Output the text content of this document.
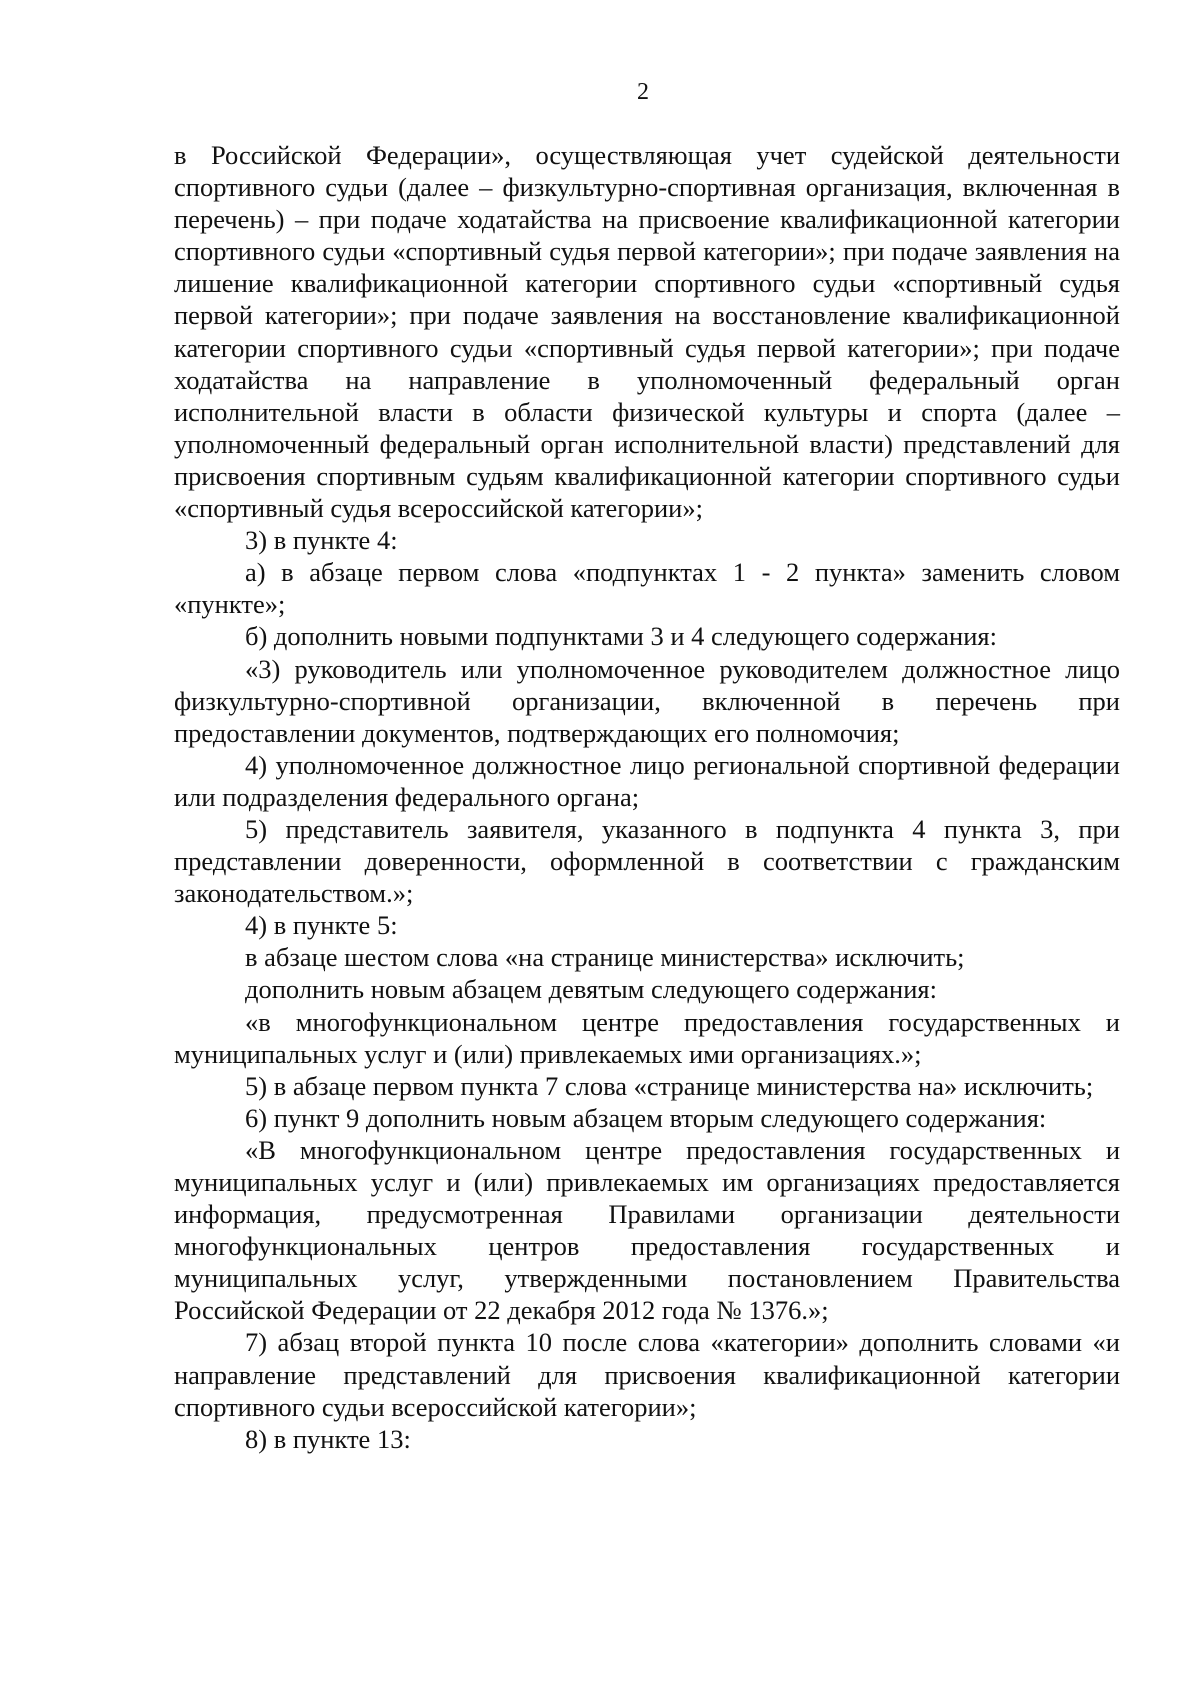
2

в Российской Федерации», осуществляющая учет судейской деятельности спортивного судьи (далее – физкультурно-спортивная организация, включенная в перечень) – при подаче ходатайства на присвоение квалификационной категории спортивного судьи «спортивный судья первой категории»; при подаче заявления на лишение квалификационной категории спортивного судьи «спортивный судья первой категории»; при подаче заявления на восстановление квалификационной категории спортивного судьи «спортивный судья первой категории»; при подаче ходатайства на направление в уполномоченный федеральный орган исполнительной власти в области физической культуры и спорта (далее – уполномоченный федеральный орган исполнительной власти) представлений для присвоения спортивным судьям квалификационной категории спортивного судьи «спортивный судья всероссийской категории»;

3) в пункте 4:

а) в абзаце первом слова «подпунктах 1 - 2 пункта» заменить словом «пункте»;

б) дополнить новыми подпунктами 3 и 4 следующего содержания:

«3) руководитель или уполномоченное руководителем должностное лицо физкультурно-спортивной организации, включенной в перечень при предоставлении документов, подтверждающих его полномочия;

4) уполномоченное должностное лицо региональной спортивной федерации или подразделения федерального органа;

5) представитель заявителя, указанного в подпункта 4 пункта 3, при представлении доверенности, оформленной в соответствии с гражданским законодательством.»;

4) в пункте 5:

в абзаце шестом слова «на странице министерства» исключить;

дополнить новым абзацем девятым следующего содержания:

«в многофункциональном центре предоставления государственных и муниципальных услуг и (или) привлекаемых ими организациях.»;

5) в абзаце первом пункта 7 слова «странице министерства на» исключить;

6) пункт 9 дополнить новым абзацем вторым следующего содержания:

«В многофункциональном центре предоставления государственных и муниципальных услуг и (или) привлекаемых им организациях предоставляется информация, предусмотренная Правилами организации деятельности многофункциональных центров предоставления государственных и муниципальных услуг, утвержденными постановлением Правительства Российской Федерации от 22 декабря 2012 года № 1376.»;

7) абзац второй пункта 10 после слова «категории» дополнить словами «и направление представлений для присвоения квалификационной категории спортивного судьи всероссийской категории»;

8) в пункте 13:
